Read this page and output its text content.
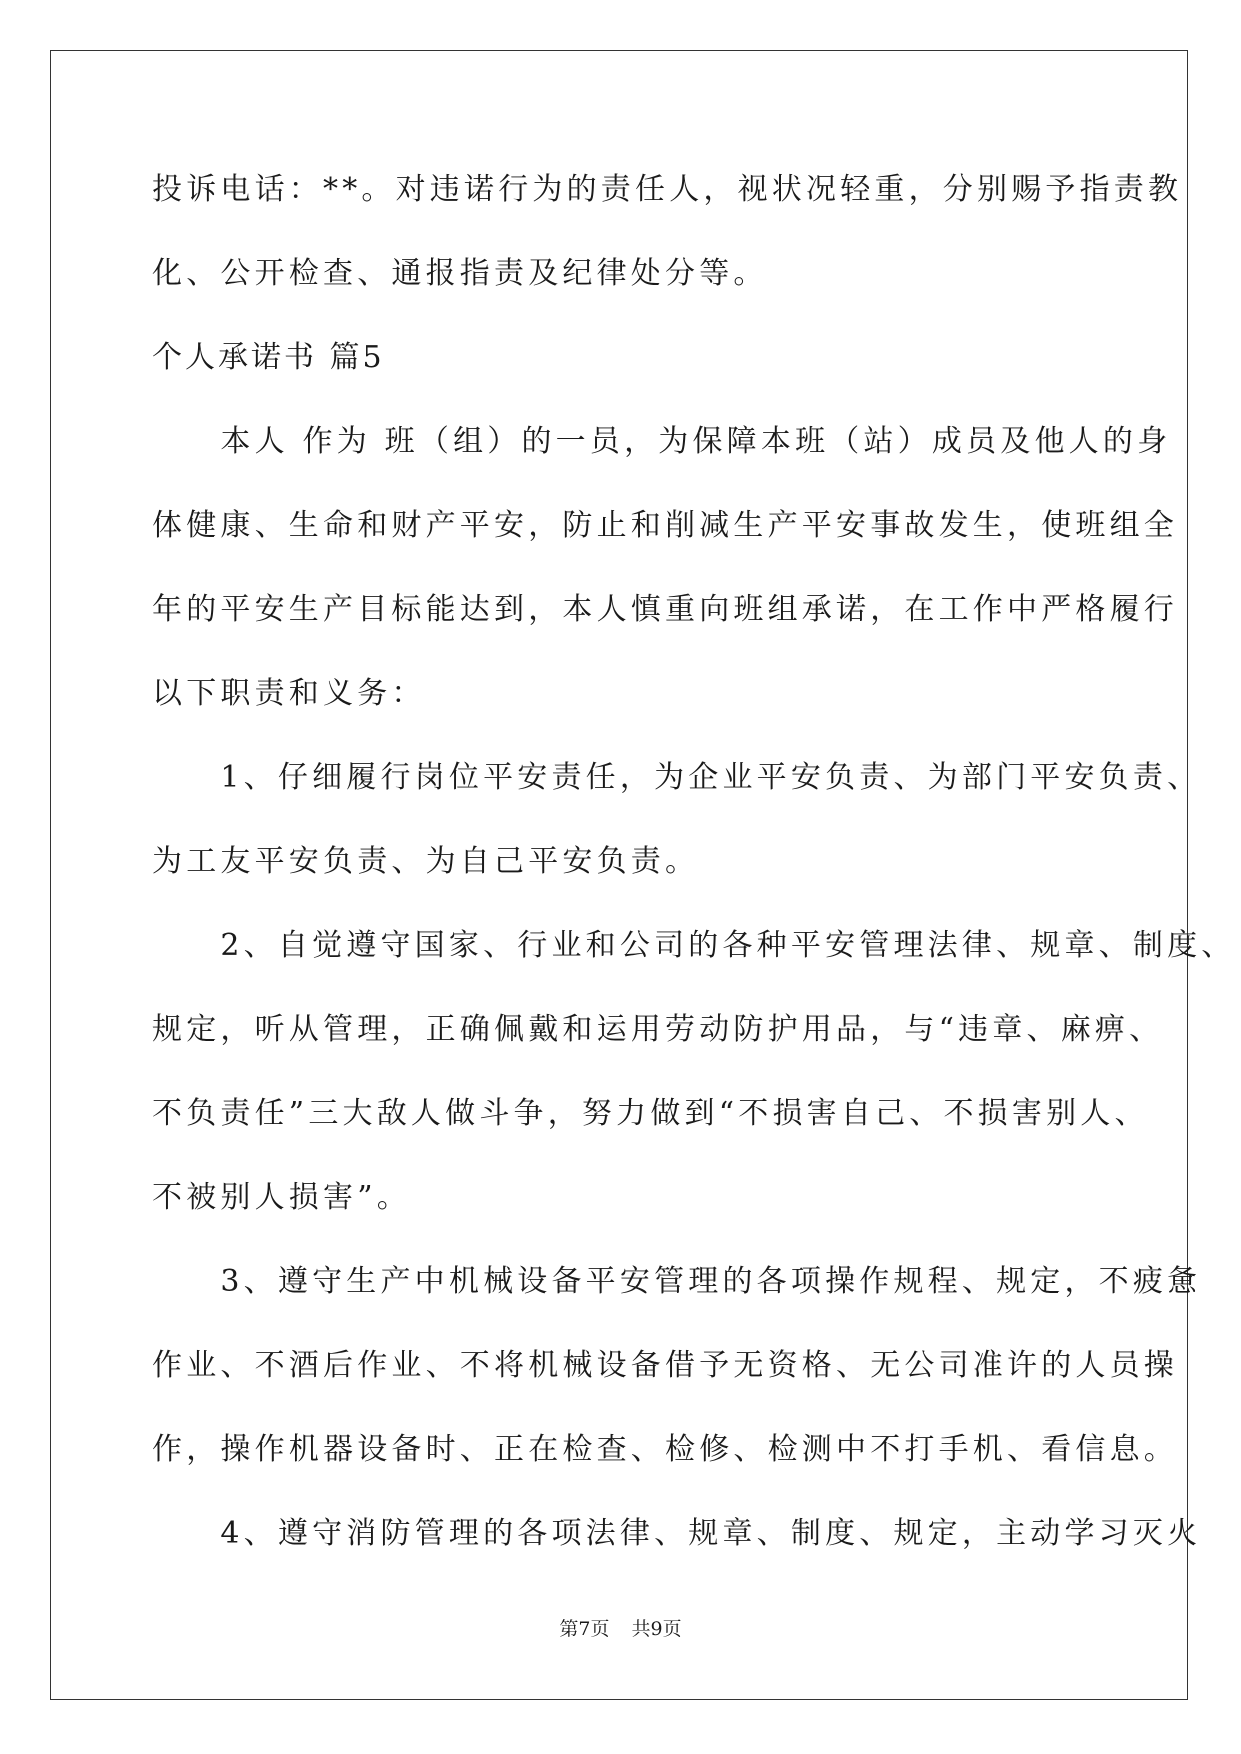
投诉电话：**。对违诺行为的责任人，视状况轻重，分别赐予指责教
化、公开检查、通报指责及纪律处分等。
个人承诺书 篇5
　　本人 作为 班（组）的一员，为保障本班（站）成员及他人的身
体健康、生命和财产平安，防止和削减生产平安事故发生，使班组全
年的平安生产目标能达到，本人慎重向班组承诺，在工作中严格履行
以下职责和义务：
　　1、仔细履行岗位平安责任，为企业平安负责、为部门平安负责、
为工友平安负责、为自己平安负责。
　　2、自觉遵守国家、行业和公司的各种平安管理法律、规章、制度、
规定，听从管理，正确佩戴和运用劳动防护用品，与“违章、麻痹、
不负责任”三大敌人做斗争，努力做到“不损害自己、不损害别人、
不被别人损害”。
　　3、遵守生产中机械设备平安管理的各项操作规程、规定，不疲惫
作业、不酒后作业、不将机械设备借予无资格、无公司准许的人员操
作，操作机器设备时、正在检查、检修、检测中不打手机、看信息。
　　4、遵守消防管理的各项法律、规章、制度、规定，主动学习灭火
第7页 共9页
